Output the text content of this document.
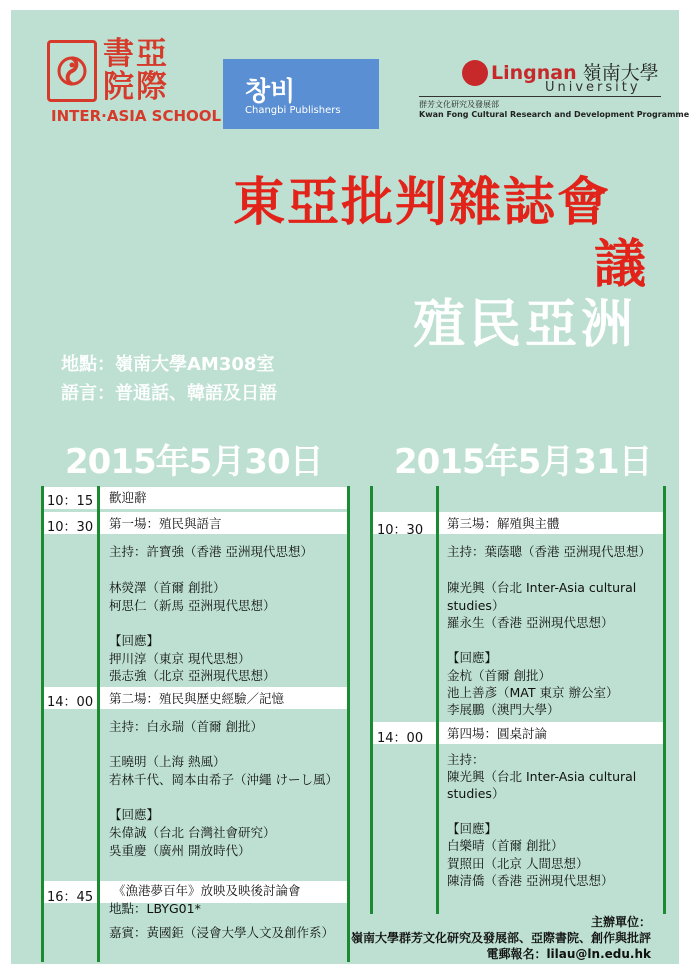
書亞院際
INTER·ASIA SCHOOL
창비
Changbi Publishers
Lingnan 嶺南大學
University
群芳文化研究及發展部
Kwan Fong Cultural Research and Development Programme
東亞批判雜誌會
議
殖民亞洲
地點：嶺南大學AM308室
語言：普通話、韓語及日語
2015年5月30日 2015年5月31日
10：15 歡迎辭
10：30 第一場：殖民與語言
主持：許寶強（香港 亞洲現代思想）
林熒澤（首爾 創批）
柯思仁（新馬 亞洲現代思想）
【回應】
押川淳（東京 現代思想）
張志強（北京 亞洲現代思想）
14：00 第二場：殖民與歷史經驗／記憶
主持：白永瑞（首爾 創批）
王曉明（上海 熱風）
若林千代、岡本由希子（沖繩 けーし風）
【回應】
朱偉誠（台北 台灣社會研究）
吳重慶（廣州 開放時代）
16：45 《漁港夢百年》放映及映後討論會
地點：LBYG01*
嘉賓：黃國鉅（浸會大學人文及創作系）
10：30 第三場：解殖與主體
主持：葉蔭聰（香港 亞洲現代思想）
陳光興（台北 Inter-Asia cultural
studies）
羅永生（香港 亞洲現代思想）
【回應】
金杭（首爾 創批）
池上善彥（MAT 東京 辦公室）
李展鵬（澳門大學）
14：00 第四場：圓桌討論
主持：
陳光興（台北 Inter-Asia cultural
studies）
【回應】
白樂晴（首爾 創批）
賀照田（北京 人間思想）
陳清僑（香港 亞洲現代思想）
主辦單位：
嶺南大學群芳文化研究及發展部、亞際書院、創作與批評
電郵報名：lilau@ln.edu.hk
